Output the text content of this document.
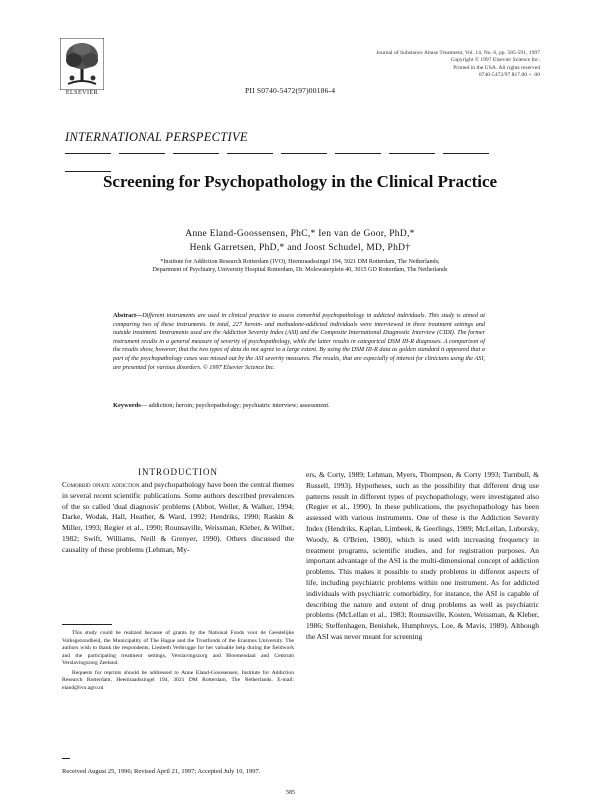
ELSEVIER
Journal of Substance Abuse Treatment, Vol. 14, No. 6, pp. 585-591, 1997
Copyright © 1997 Elsevier Science Inc.
Printed in the USA. All rights reserved
0740-5472/97 $17.00 + .00
PII S0740-5472(97)00186-4
INTERNATIONAL PERSPECTIVE
Screening for Psychopathology in the Clinical Practice
Anne Eland-Goossensen, PhC,* Ien van de Goor, PhD,*
Henk Garretsen, PhD,* and Joost Schudel, MD, PhD†
*Institute for Addiction Research Rotterdam (IVO), Heemraadssingel 194, 3021 DM Rotterdam, The Netherlands;
Department of Psychiatry, University Hospital Rotterdam, Dr. Molewaterplein 40, 3015 GD Rotterdam, The Netherlands
Abstract—Different instruments are used in clinical practice to assess comorbid psychopathology in addicted individuals. This study is aimed at comparing two of these instruments. In total, 227 heroin- and methadone-addicted individuals were interviewed in three treatment settings and outside treatment. Instruments used are the Addiction Severity Index (ASI) and the Composite International Diagnostic Interview (CIDI). The former instrument results in a general measure of severity of psychopathology, while the latter results in categorical DSM III-R diagnoses. A comparison of the results show, however, that the two types of data do not agree to a large extent. By using the DSM III-R data as golden standard it appeared that a part of the psychopathology cases was missed out by the ASI severity measures. The results, that are especially of interest for clinicians using the ASI, are presented for various disorders. © 1997 Elsevier Science Inc.
Keywords— addiction; heroin; psychopathology; psychiatric interview; assessment.
INTRODUCTION
Comorbid opiate addiction and psychopathology have been the central themes in several recent scientific publications. Some authors described prevalences of the so called 'dual diagnosis' problems (Abbot, Weller, & Walker, 1994; Darke, Wodak, Hall, Heather, & Ward, 1992; Hendriks, 1990; Raskin & Miller, 1993; Regier et al., 1990; Rounsaville, Weissman, Kleber, & Wilber, 1982; Swift, Williams, Neill & Grenyer, 1990). Others discussed the causality of these problems (Lehman, My-
ers, & Corty, 1989; Lehman, Myers, Thompson, & Corty 1993; Turnbull, & Russell, 1993). Hypotheses, such as the possibility that different drug use patterns result in different types of psychopathology, were investigated also (Regier et al., 1990). In these publications, the psychopathology has been assessed with various instruments. One of these is the Addiction Severity Index (Hendriks, Kaplan, Limbeek, & Geerlings, 1989; McLellan, Luborsky, Woody, & O'Brien, 1980), which is used with increasing frequency in treatment programs, scientific studies, and for registration purposes. An important advantage of the ASI is the multi-dimensional concept of addiction problems. This makes it possible to study problems in different aspects of life, including psychiatric problems within one instrument. As for addicted individuals with psychiatric comorbidity, for instance, the ASI is capable of describing the nature and extent of drug problems as well as psychiatric problems (McLellan et al., 1983; Rounsaville, Kosten, Weissman, & Kleber, 1986; Steffenhagen, Benishek, Humphreys, Loe, & Mavis, 1989). Although the ASI was never meant for screening

This study could be realized because of grants by the National Fonds voor de Geestelijke Volksgezondheid, the Municipality of The Hague and the Trustfonds of the Erasmus University. The authors wish to thank the respondents, Liesbeth Verbrugge for her valuable help during the fieldwork and the participating treatment settings, Verslavingszorg and Bloemendaal and Centrum Verslavingszorg Zeeland.

Requests for reprints should be addressed to Anne Eland-Goossensen, Institute for Addiction Research Rotterdam, Heemraadssingel 194, 3021 DM Rotterdam, The Netherlands. E-mail: eland@ivo.agro.nl

Received August 25, 1996; Revised April 21, 1997; Accepted July 10, 1997.
585
